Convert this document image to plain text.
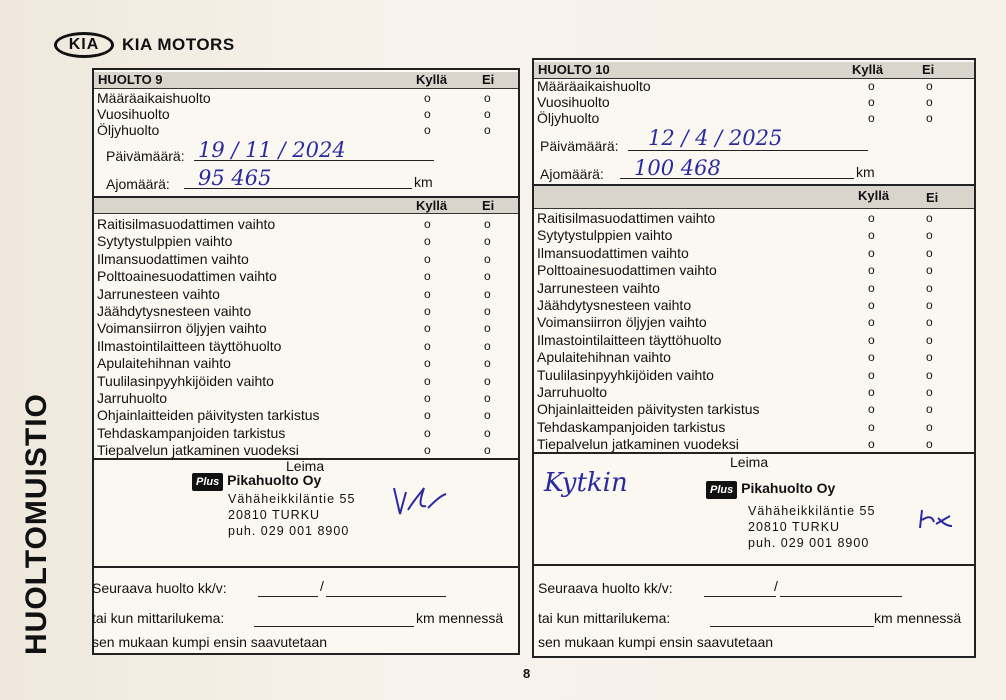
KIA	KIA MOTORS
HUOLTOMUISTIO
HUOLTO 9	Kyllä	Ei
Määräaikaishuolto	o	o
Vuosihuolto	o	o
Öljyhuolto	o	o
Päivämäärä: 19 / 11 / 2024
Ajomäärä: 95 465	km
Kyllä	Ei
Raitisilmasuodattimen vaihto	o	o
Sytytystulppien vaihto	o	o
Ilmansuodattimen vaihto	o	o
Polttoainesuodattimen vaihto	o	o
Jarrunesteen vaihto	o	o
Jäähdytysnesteen vaihto	o	o
Voimansiirron öljyjen vaihto	o	o
Ilmastointilaitteen täyttöhuolto	o	o
Apulaitehihnan vaihto	o	o
Tuulilasinpyyhkijöiden vaihto	o	o
Jarruhuolto	o	o
Ohjainlaitteiden päivitysten tarkistus	o	o
Tehdaskampanjoiden tarkistus	o	o
Tiepalvelun jatkaminen vuodeksi	o	o
Leima
Plus Pikahuolto Oy
Vähäheikkiläntie 55
20810 TURKU
puh. 029 001 8900
Seuraava huolto kk/v:	/
tai kun mittarilukema:	km mennessä
sen mukaan kumpi ensin saavutetaan
HUOLTO 10	Kyllä	Ei
Määräaikaishuolto	o	o
Vuosihuolto	o	o
Öljyhuolto	o	o
Päivämäärä: 12 / 4 / 2025
Ajomäärä: 100 468	km
Kyllä	Ei
Raitisilmasuodattimen vaihto	o	o
Sytytystulppien vaihto	o	o
Ilmansuodattimen vaihto	o	o
Polttoainesuodattimen vaihto	o	o
Jarrunesteen vaihto	o	o
Jäähdytysnesteen vaihto	o	o
Voimansiirron öljyjen vaihto	o	o
Ilmastointilaitteen täyttöhuolto	o	o
Apulaitehihnan vaihto	o	o
Tuulilasinpyyhkijöiden vaihto	o	o
Jarruhuolto	o	o
Ohjainlaitteiden päivitysten tarkistus	o	o
Tehdaskampanjoiden tarkistus	o	o
Tiepalvelun jatkaminen vuodeksi	o	o
Leima
Kytkin	Plus Pikahuolto Oy
Vähäheikkiläntie 55
20810 TURKU
puh. 029 001 8900
Seuraava huolto kk/v:	/
tai kun mittarilukema:	km mennessä
sen mukaan kumpi ensin saavutetaan
8
